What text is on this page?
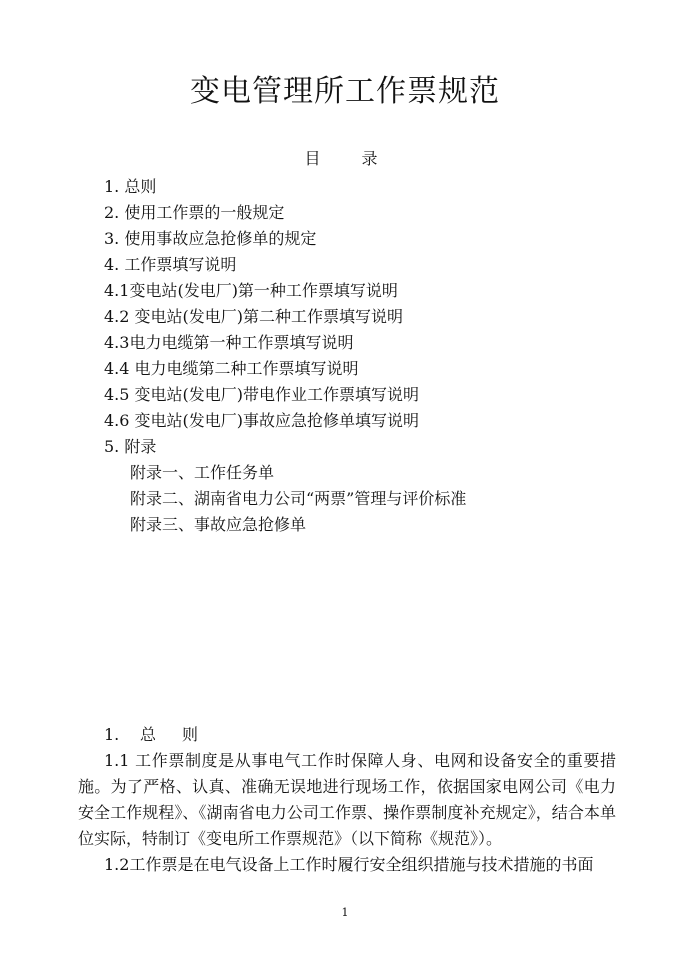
变电管理所工作票规范
目 录
1. 总则
2. 使用工作票的一般规定
3. 使用事故应急抢修单的规定
4. 工作票填写说明
4.1变电站(发电厂)第一种工作票填写说明
4.2 变电站(发电厂)第二种工作票填写说明
4.3电力电缆第一种工作票填写说明
4.4 电力电缆第二种工作票填写说明
4.5 变电站(发电厂)带电作业工作票填写说明
4.6 变电站(发电厂)事故应急抢修单填写说明
5. 附录
附录一、工作任务单
附录二、湖南省电力公司“两票”管理与评价标准
附录三、事故应急抢修单
1. 总则

1.1 工作票制度是从事电气工作时保障人身、电网和设备安全的重要措施。为了严格、认真、准确无误地进行现场工作，依据国家电网公司《电力安全工作规程》、《湖南省电力公司工作票、操作票制度补充规定》，结合本单位实际，特制订《变电所工作票规范》（以下简称《规范》）。

1.2工作票是在电气设备上工作时履行安全组织措施与技术措施的书面

1
